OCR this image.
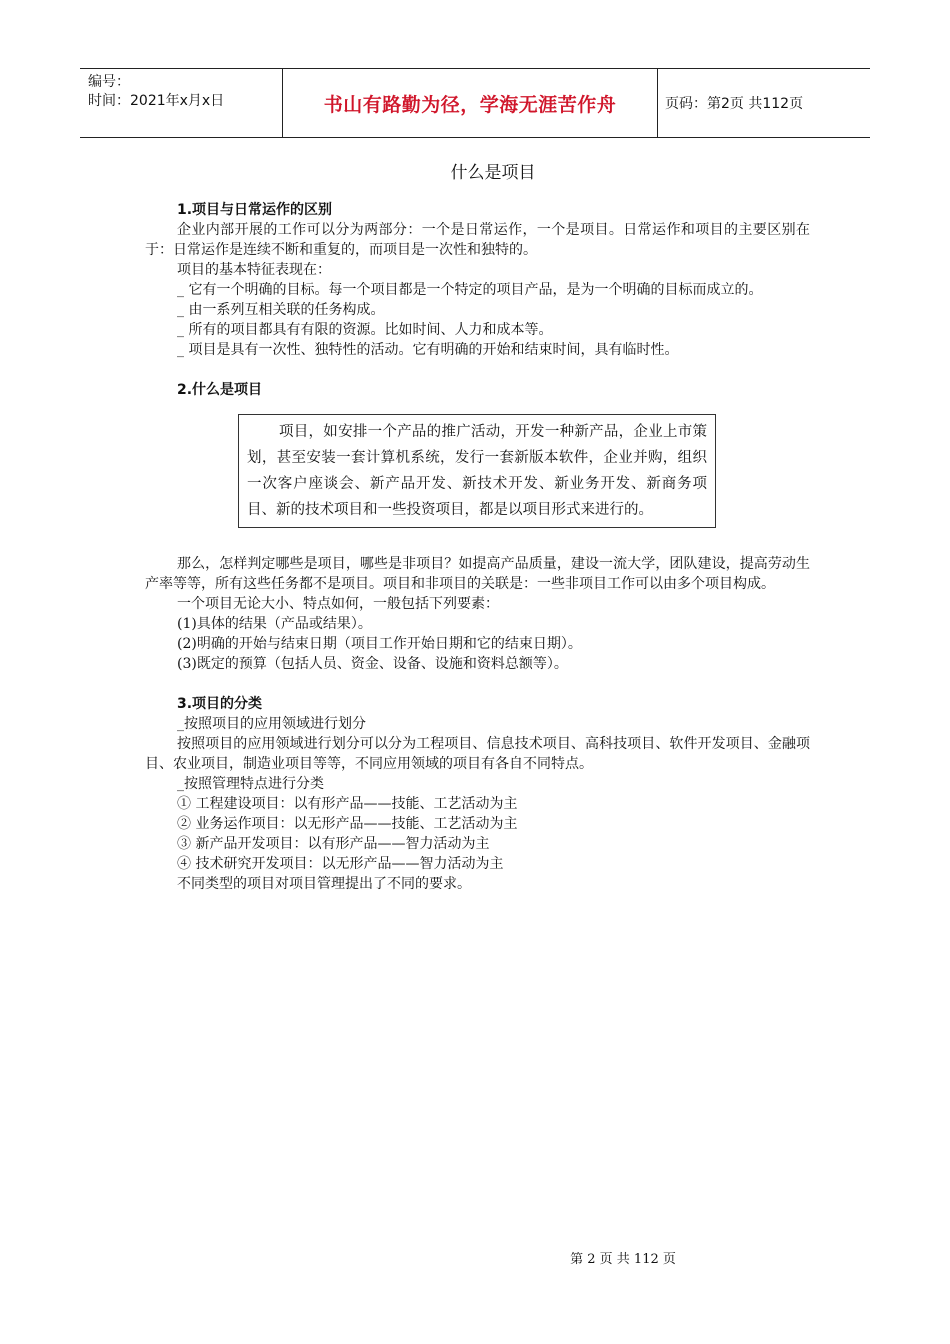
编号：
时间：2021年x月x日	书山有路勤为径，学海无涯苦作舟	页码：第2页 共112页
什么是项目
1.项目与日常运作的区别
企业内部开展的工作可以分为两部分：一个是日常运作，一个是项目。日常运作和项目的主要区别在于：日常运作是连续不断和重复的，而项目是一次性和独特的。
项目的基本特征表现在：
_ 它有一个明确的目标。每一个项目都是一个特定的项目产品，是为一个明确的目标而成立的。
_ 由一系列互相关联的任务构成。
_ 所有的项目都具有有限的资源。比如时间、人力和成本等。
_ 项目是具有一次性、独特性的活动。它有明确的开始和结束时间，具有临时性。
2.什么是项目
项目，如安排一个产品的推广活动，开发一种新产品，企业上市策划，甚至安装一套计算机系统，发行一套新版本软件，企业并购，组织一次客户座谈会、新产品开发、新技术开发、新业务开发、新商务项目、新的技术项目和一些投资项目，都是以项目形式来进行的。
那么，怎样判定哪些是项目，哪些是非项目？如提高产品质量，建设一流大学，团队建设，提高劳动生产率等等，所有这些任务都不是项目。项目和非项目的关联是：一些非项目工作可以由多个项目构成。
一个项目无论大小、特点如何，一般包括下列要素：
(1)具体的结果（产品或结果）。
(2)明确的开始与结束日期（项目工作开始日期和它的结束日期）。
(3)既定的预算（包括人员、资金、设备、设施和资料总额等）。
3.项目的分类
_按照项目的应用领域进行划分
按照项目的应用领域进行划分可以分为工程项目、信息技术项目、高科技项目、软件开发项目、金融项目、农业项目，制造业项目等等，不同应用领域的项目有各自不同特点。
_按照管理特点进行分类
① 工程建设项目：以有形产品——技能、工艺活动为主
② 业务运作项目：以无形产品——技能、工艺活动为主
③ 新产品开发项目：以有形产品——智力活动为主
④ 技术研究开发项目：以无形产品——智力活动为主
不同类型的项目对项目管理提出了不同的要求。
第 2 页 共 112 页
